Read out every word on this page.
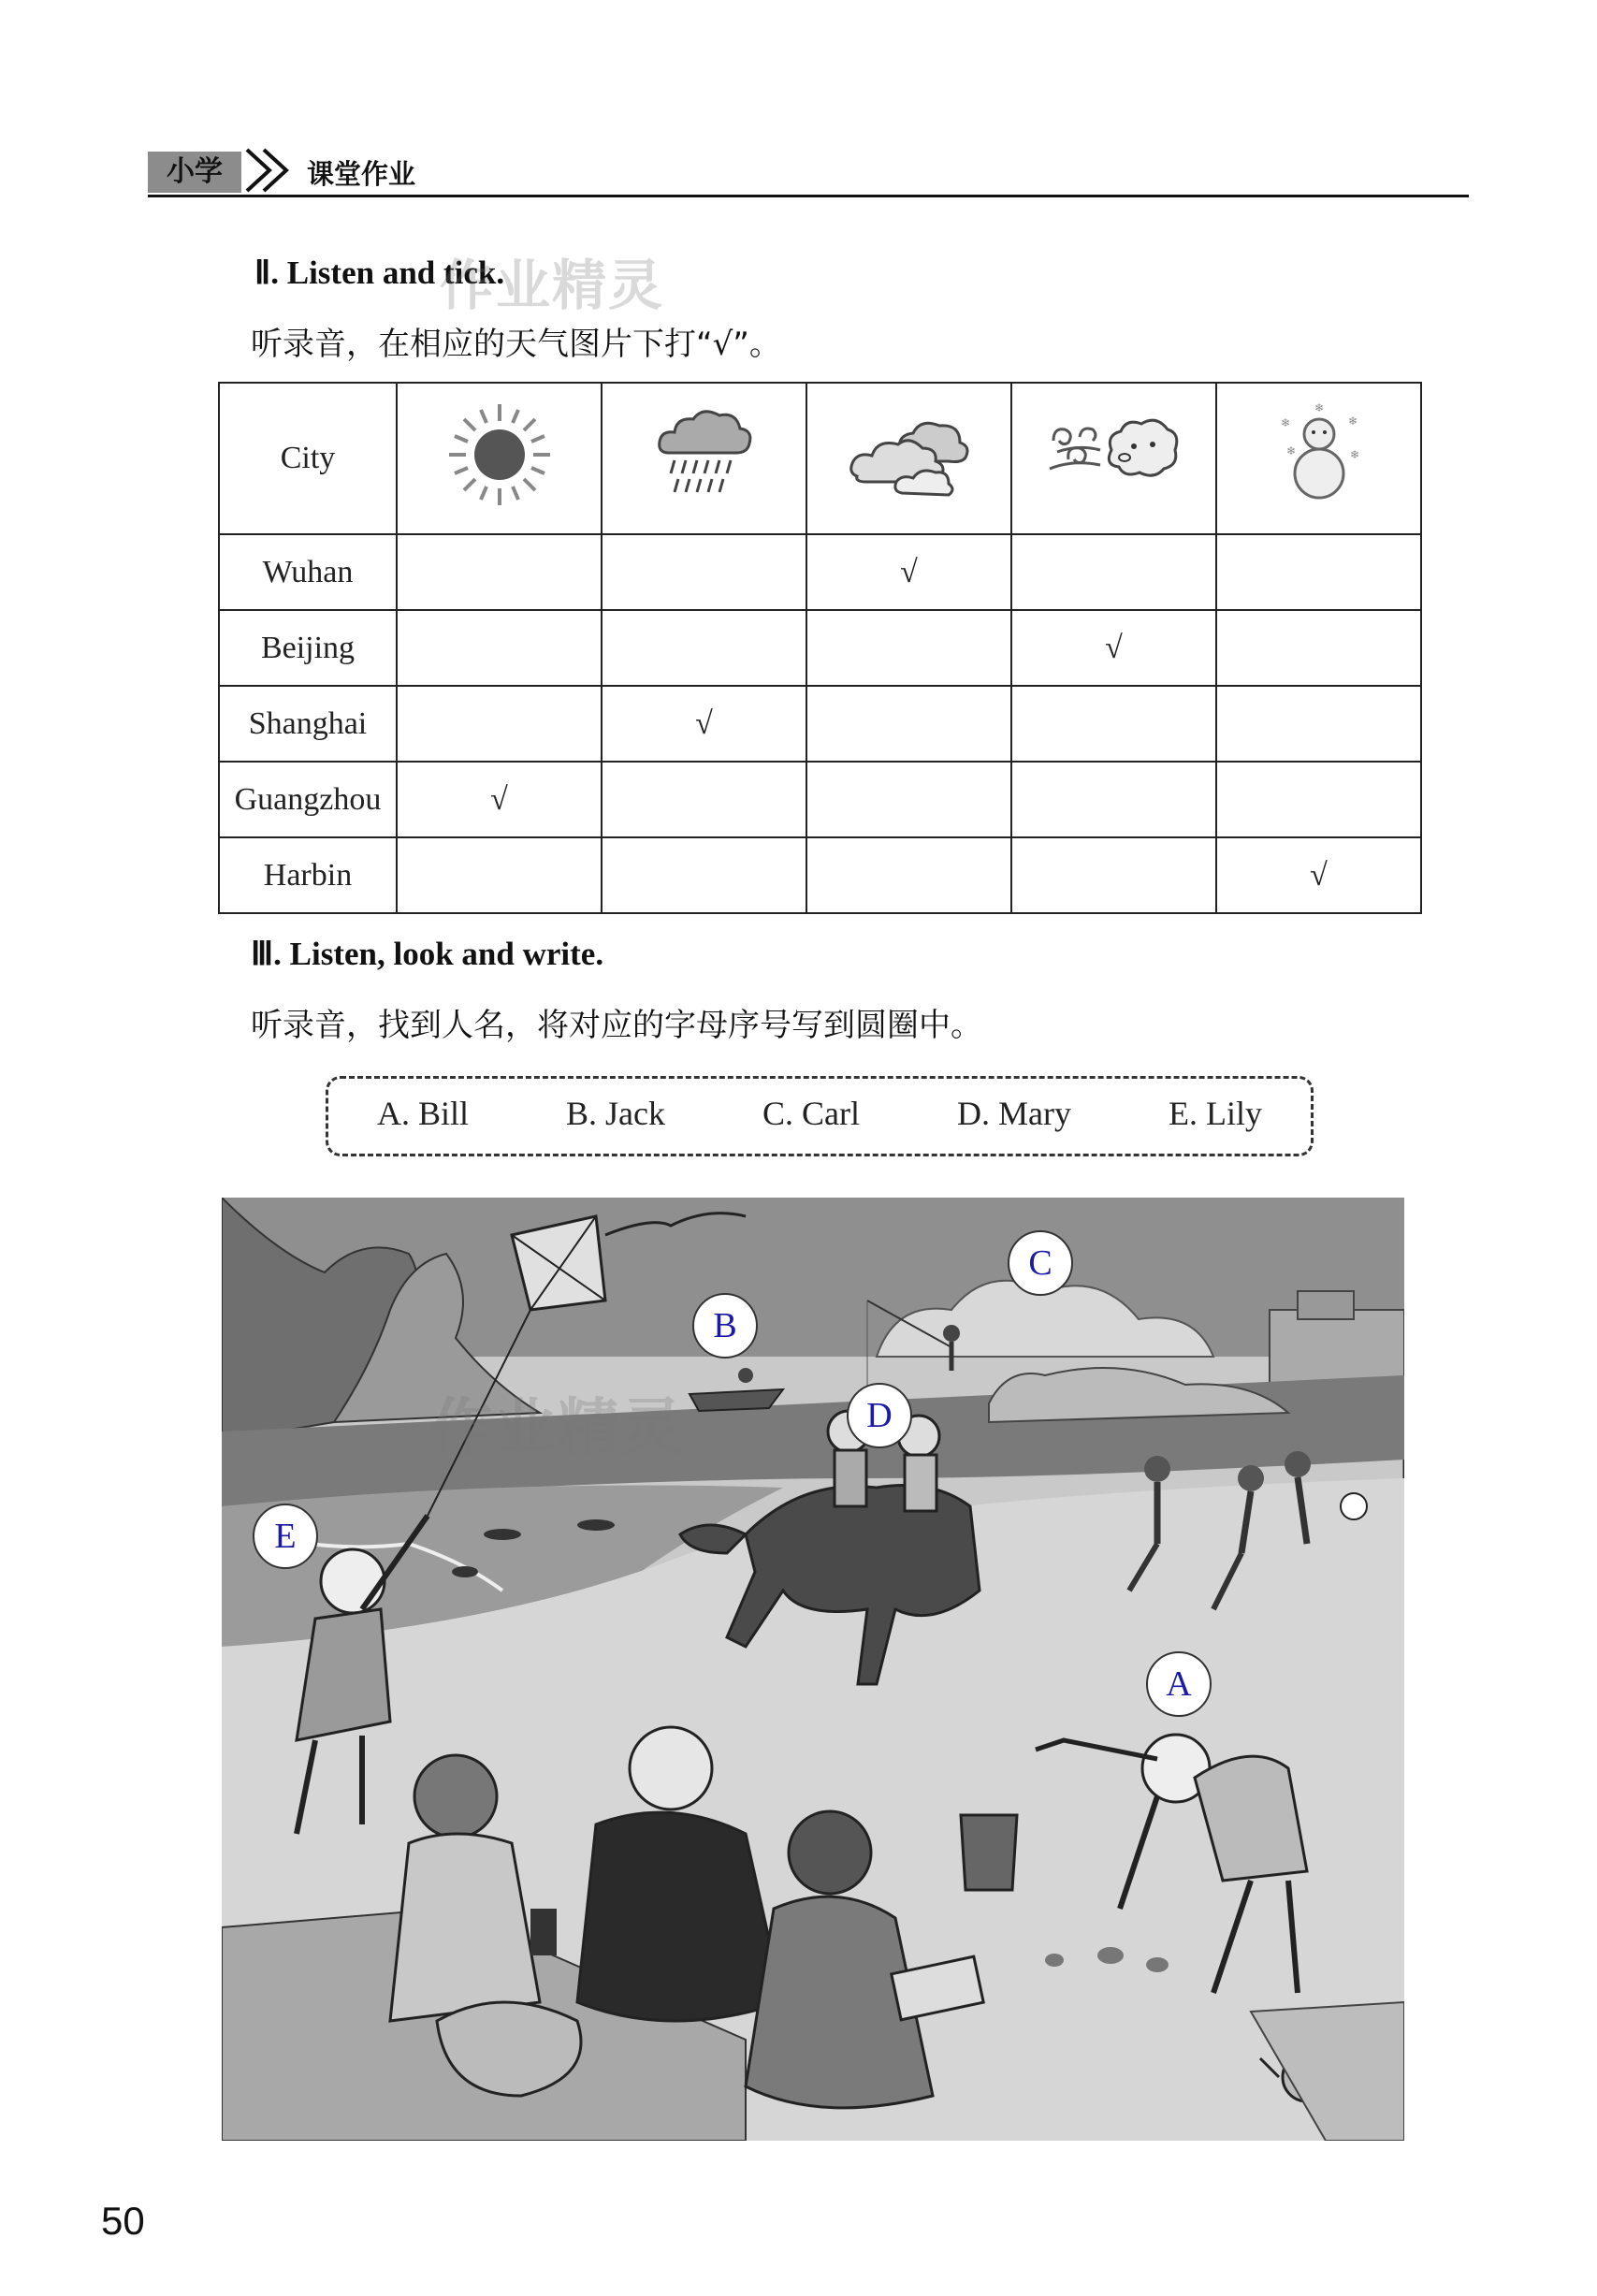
小学	课堂作业
Ⅱ. Listen and tick.
作业精灵
听录音，在相应的天气图片下打“√”。
City					❄ ❄
❄ ❄
❄

Wuhan			√		
Beijing				√	
Shanghai		√			
Guangzhou	√				
Harbin					√
Ⅲ. Listen, look and write.
听录音，找到人名，将对应的字母序号写到圆圈中。
A. Bill	B. Jack	C. Carl	D. Mary	E. Lily
作业精灵
A
B
C
D
E
50
